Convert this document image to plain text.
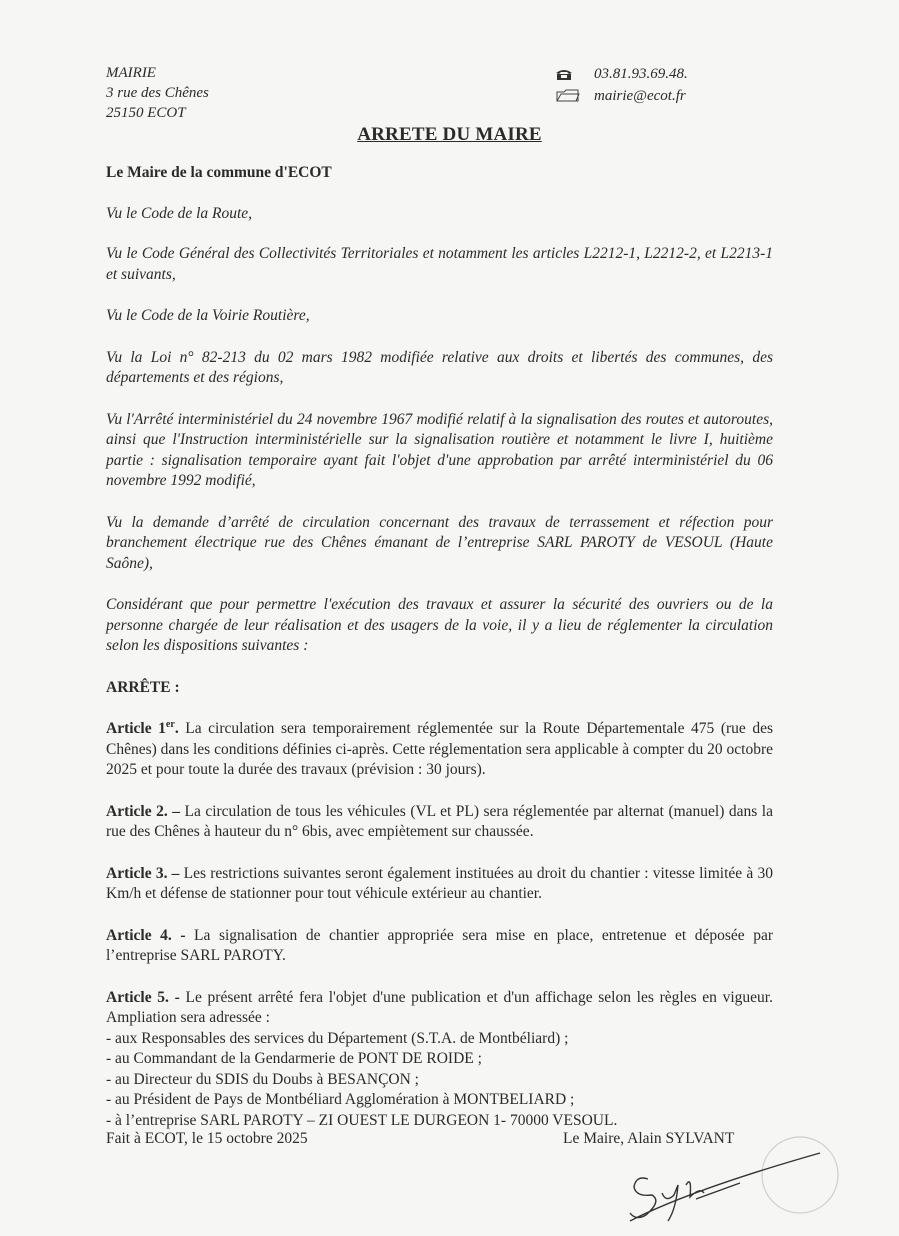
MAIRIE
3 rue des Chênes
25150 ECOT
03.81.93.69.48.
mairie@ecot.fr
ARRETE DU MAIRE

Le Maire de la commune d'ECOT

Vu le Code de la Route,

Vu le Code Général des Collectivités Territoriales et notamment les articles L2212-1, L2212-2, et L2213-1 et suivants,

Vu le Code de la Voirie Routière,

Vu la Loi n° 82-213 du 02 mars 1982 modifiée relative aux droits et libertés des communes, des départements et des régions,

Vu l'Arrêté interministériel du 24 novembre 1967 modifié relatif à la signalisation des routes et autoroutes, ainsi que l'Instruction interministérielle sur la signalisation routière et notamment le livre I, huitième partie : signalisation temporaire ayant fait l'objet d'une approbation par arrêté interministériel du 06 novembre 1992 modifié,

Vu la demande d’arrêté de circulation concernant des travaux de terrassement et réfection pour branchement électrique rue des Chênes émanant de l’entreprise SARL PAROTY de VESOUL (Haute Saône),

Considérant que pour permettre l'exécution des travaux et assurer la sécurité des ouvriers ou de la personne chargée de leur réalisation et des usagers de la voie, il y a lieu de réglementer la circulation selon les dispositions suivantes :

ARRÊTE :

Article 1er. La circulation sera temporairement réglementée sur la Route Départementale 475 (rue des Chênes) dans les conditions définies ci-après. Cette réglementation sera applicable à compter du 20 octobre 2025 et pour toute la durée des travaux (prévision : 30 jours).

Article 2. – La circulation de tous les véhicules (VL et PL) sera réglementée par alternat (manuel) dans la rue des Chênes à hauteur du n° 6bis, avec empiètement sur chaussée.

Article 3. – Les restrictions suivantes seront également instituées au droit du chantier : vitesse limitée à 30 Km/h et défense de stationner pour tout véhicule extérieur au chantier.

Article 4. - La signalisation de chantier appropriée sera mise en place, entretenue et déposée par l’entreprise SARL PAROTY.

Article 5. - Le présent arrêté fera l'objet d'une publication et d'un affichage selon les règles en vigueur. Ampliation sera adressée :

- aux Responsables des services du Département (S.T.A. de Montbéliard) ;
- au Commandant de la Gendarmerie de PONT DE ROIDE ;
- au Directeur du SDIS du Doubs à BESANÇON ;
- au Président de Pays de Montbéliard Agglomération à MONTBELIARD ;
- à l’entreprise SARL PAROTY – ZI OUEST LE DURGEON 1- 70000 VESOUL.
Fait à ECOT, le 15 octobre 2025	Le Maire, Alain SYLVANT
